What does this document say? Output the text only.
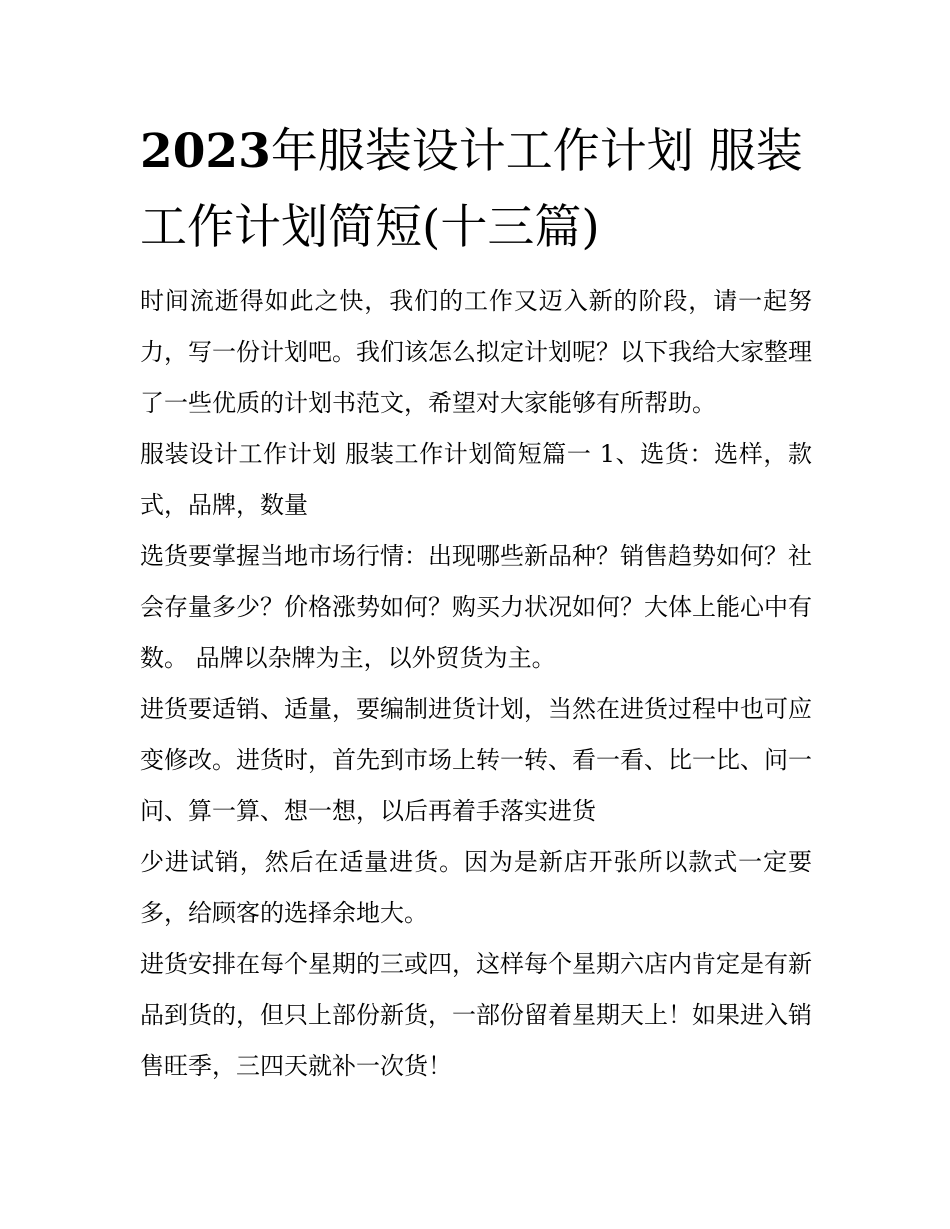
2023年服装设计工作计划 服装工作计划简短(十三篇)

时间流逝得如此之快，我们的工作又迈入新的阶段，请一起努力，写一份计划吧。我们该怎么拟定计划呢？以下我给大家整理了一些优质的计划书范文，希望对大家能够有所帮助。

服装设计工作计划 服装工作计划简短篇一 1、选货：选样，款式，品牌，数量

选货要掌握当地市场行情：出现哪些新品种？销售趋势如何？社会存量多少？价格涨势如何？购买力状况如何？大体上能心中有数。 品牌以杂牌为主，以外贸货为主。

进货要适销、适量，要编制进货计划，当然在进货过程中也可应变修改。进货时，首先到市场上转一转、看一看、比一比、问一问、算一算、想一想，以后再着手落实进货

少进试销，然后在适量进货。因为是新店开张所以款式一定要多，给顾客的选择余地大。

进货安排在每个星期的三或四，这样每个星期六店内肯定是有新品到货的，但只上部份新货，一部份留着星期天上！如果进入销售旺季，三四天就补一次货！
